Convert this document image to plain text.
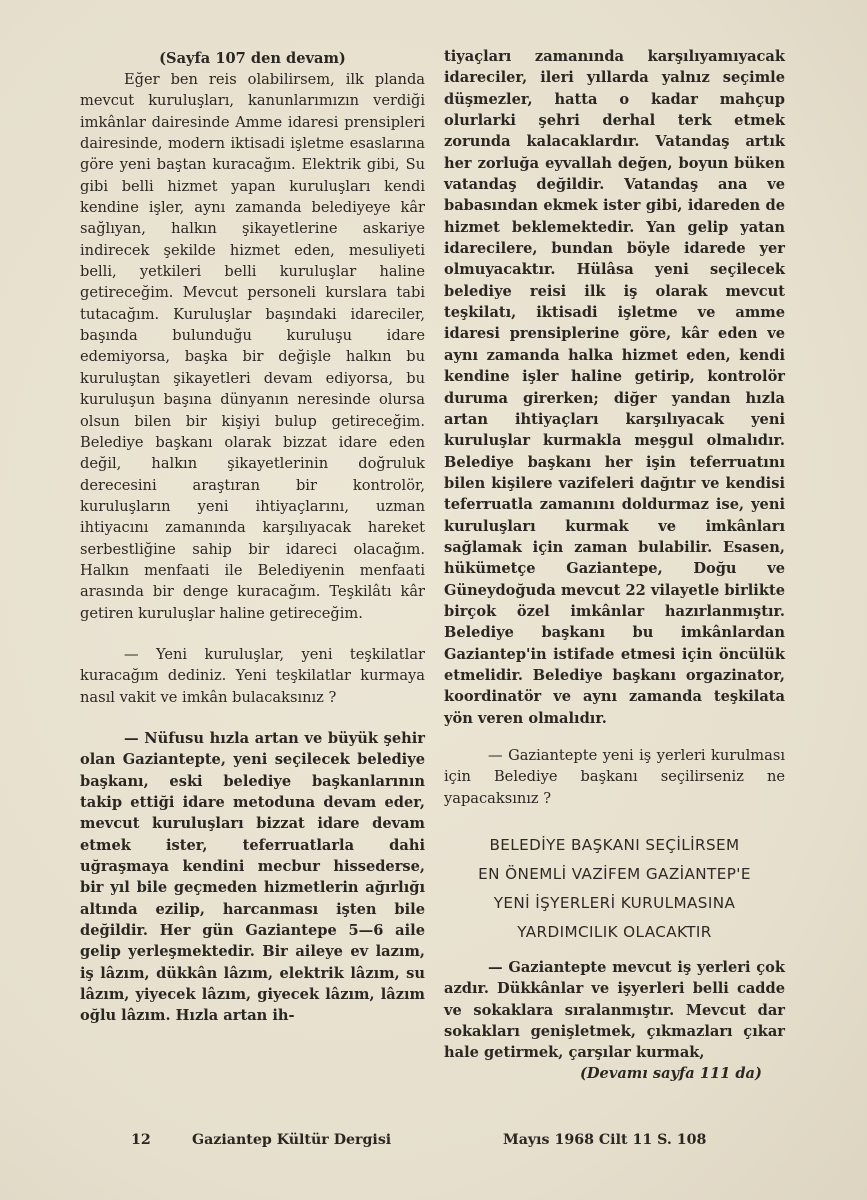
(Sayfa 107 den devam)

Eğer ben reis olabilirsem, ilk planda mevcut kuruluşları, kanunlarımızın verdiği imkânlar dairesinde Amme idaresi prensipleri dairesinde, modern iktisadi işletme esaslarına göre yeni baştan kuracağım. Elektrik gibi, Su gibi belli hizmet yapan kuruluşları kendi kendine işler, aynı zamanda belediyeye kâr sağlıyan, halkın şikayetlerine askariye indirecek şekilde hizmet eden, mesuliyeti belli, yetkileri belli kuruluşlar haline getireceğim. Mevcut personeli kurslara tabi tutacağım. Kuruluşlar başındaki idareciler, başında bulunduğu kuruluşu idare edemiyorsa, başka bir değişle halkın bu kuruluştan şikayetleri devam ediyorsa, bu kuruluşun başına dünyanın neresinde olursa olsun bilen bir kişiyi bulup getireceğim. Belediye başkanı olarak bizzat idare eden değil, halkın şikayetlerinin doğruluk derecesini araştıran bir kontrolör, kuruluşların yeni ihtiyaçlarını, uzman ihtiyacını zamanında karşılıyacak hareket serbestliğine sahip bir idareci olacağım. Halkın menfaati ile Belediyenin menfaati arasında bir denge kuracağım. Teşkilâtı kâr getiren kuruluşlar haline getireceğim.

— Yeni kuruluşlar, yeni teşkilatlar kuracağım dediniz. Yeni teşkilatlar kurmaya nasıl vakit ve imkân bulacaksınız ?

— Nüfusu hızla artan ve büyük şehir olan Gaziantepte, yeni seçilecek belediye başkanı, eski belediye başkanlarının takip ettiği idare metoduna devam eder, mevcut kuruluşları bizzat idare devam etmek ister, teferruatlarla dahi uğraşmaya kendini mecbur hissederse, bir yıl bile geçmeden hizmetlerin ağırlığı altında ezilip, harcanması işten bile değildir. Her gün Gaziantepe 5—6 aile gelip yerleşmektedir. Bir aileye ev lazım, iş lâzım, dükkân lâzım, elektrik lâzım, su lâzım, yiyecek lâzım, giyecek lâzım, lâzım oğlu lâzım. Hızla artan ih-

tiyaçları zamanında karşılıyamıyacak idareciler, ileri yıllarda yalnız seçimle düşmezler, hatta o kadar mahçup olurlarki şehri derhal terk etmek zorunda kalacaklardır. Vatandaş artık her zorluğa eyvallah değen, boyun büken vatandaş değildir. Vatandaş ana ve babasından ekmek ister gibi, idareden de hizmet beklemektedir. Yan gelip yatan idarecilere, bundan böyle idarede yer olmuyacaktır. Hülâsa yeni seçilecek belediye reisi ilk iş olarak mevcut teşkilatı, iktisadi işletme ve amme idaresi prensiplerine göre, kâr eden ve aynı zamanda halka hizmet eden, kendi kendine işler haline getirip, kontrolör duruma girerken; diğer yandan hızla artan ihtiyaçları karşılıyacak yeni kuruluşlar kurmakla meşgul olmalıdır. Belediye başkanı her işin teferruatını bilen kişilere vazifeleri dağıtır ve kendisi teferruatla zamanını doldurmaz ise, yeni kuruluşları kurmak ve imkânları sağlamak için zaman bulabilir. Esasen, hükümetçe Gaziantepe, Doğu ve Güneydoğuda mevcut 22 vilayetle birlikte birçok özel imkânlar hazırlanmıştır. Belediye başkanı bu imkânlardan Gaziantep'in istifade etmesi için öncülük etmelidir. Belediye başkanı orgazinator, koordinatör ve aynı zamanda teşkilata yön veren olmalıdır.

— Gaziantepte yeni iş yerleri kurulması için Belediye başkanı seçilirseniz ne yapacaksınız ?

BELEDİYE BAŞKANI SEÇİLİRSEM

EN ÖNEMLİ VAZİFEM GAZİANTEP'E

YENİ İŞYERLERİ KURULMASINA

YARDIMCILIK OLACAKTIR

— Gaziantepte mevcut iş yerleri çok azdır. Dükkânlar ve işyerleri belli cadde ve sokaklara sıralanmıştır. Mevcut dar sokakları genişletmek, çıkmazları çıkar hale getirmek, çarşılar kurmak,

(Devamı sayfa 111 da)
12	Gaziantep Kültür Dergisi	Mayıs 1968 Cilt 11 S. 108
